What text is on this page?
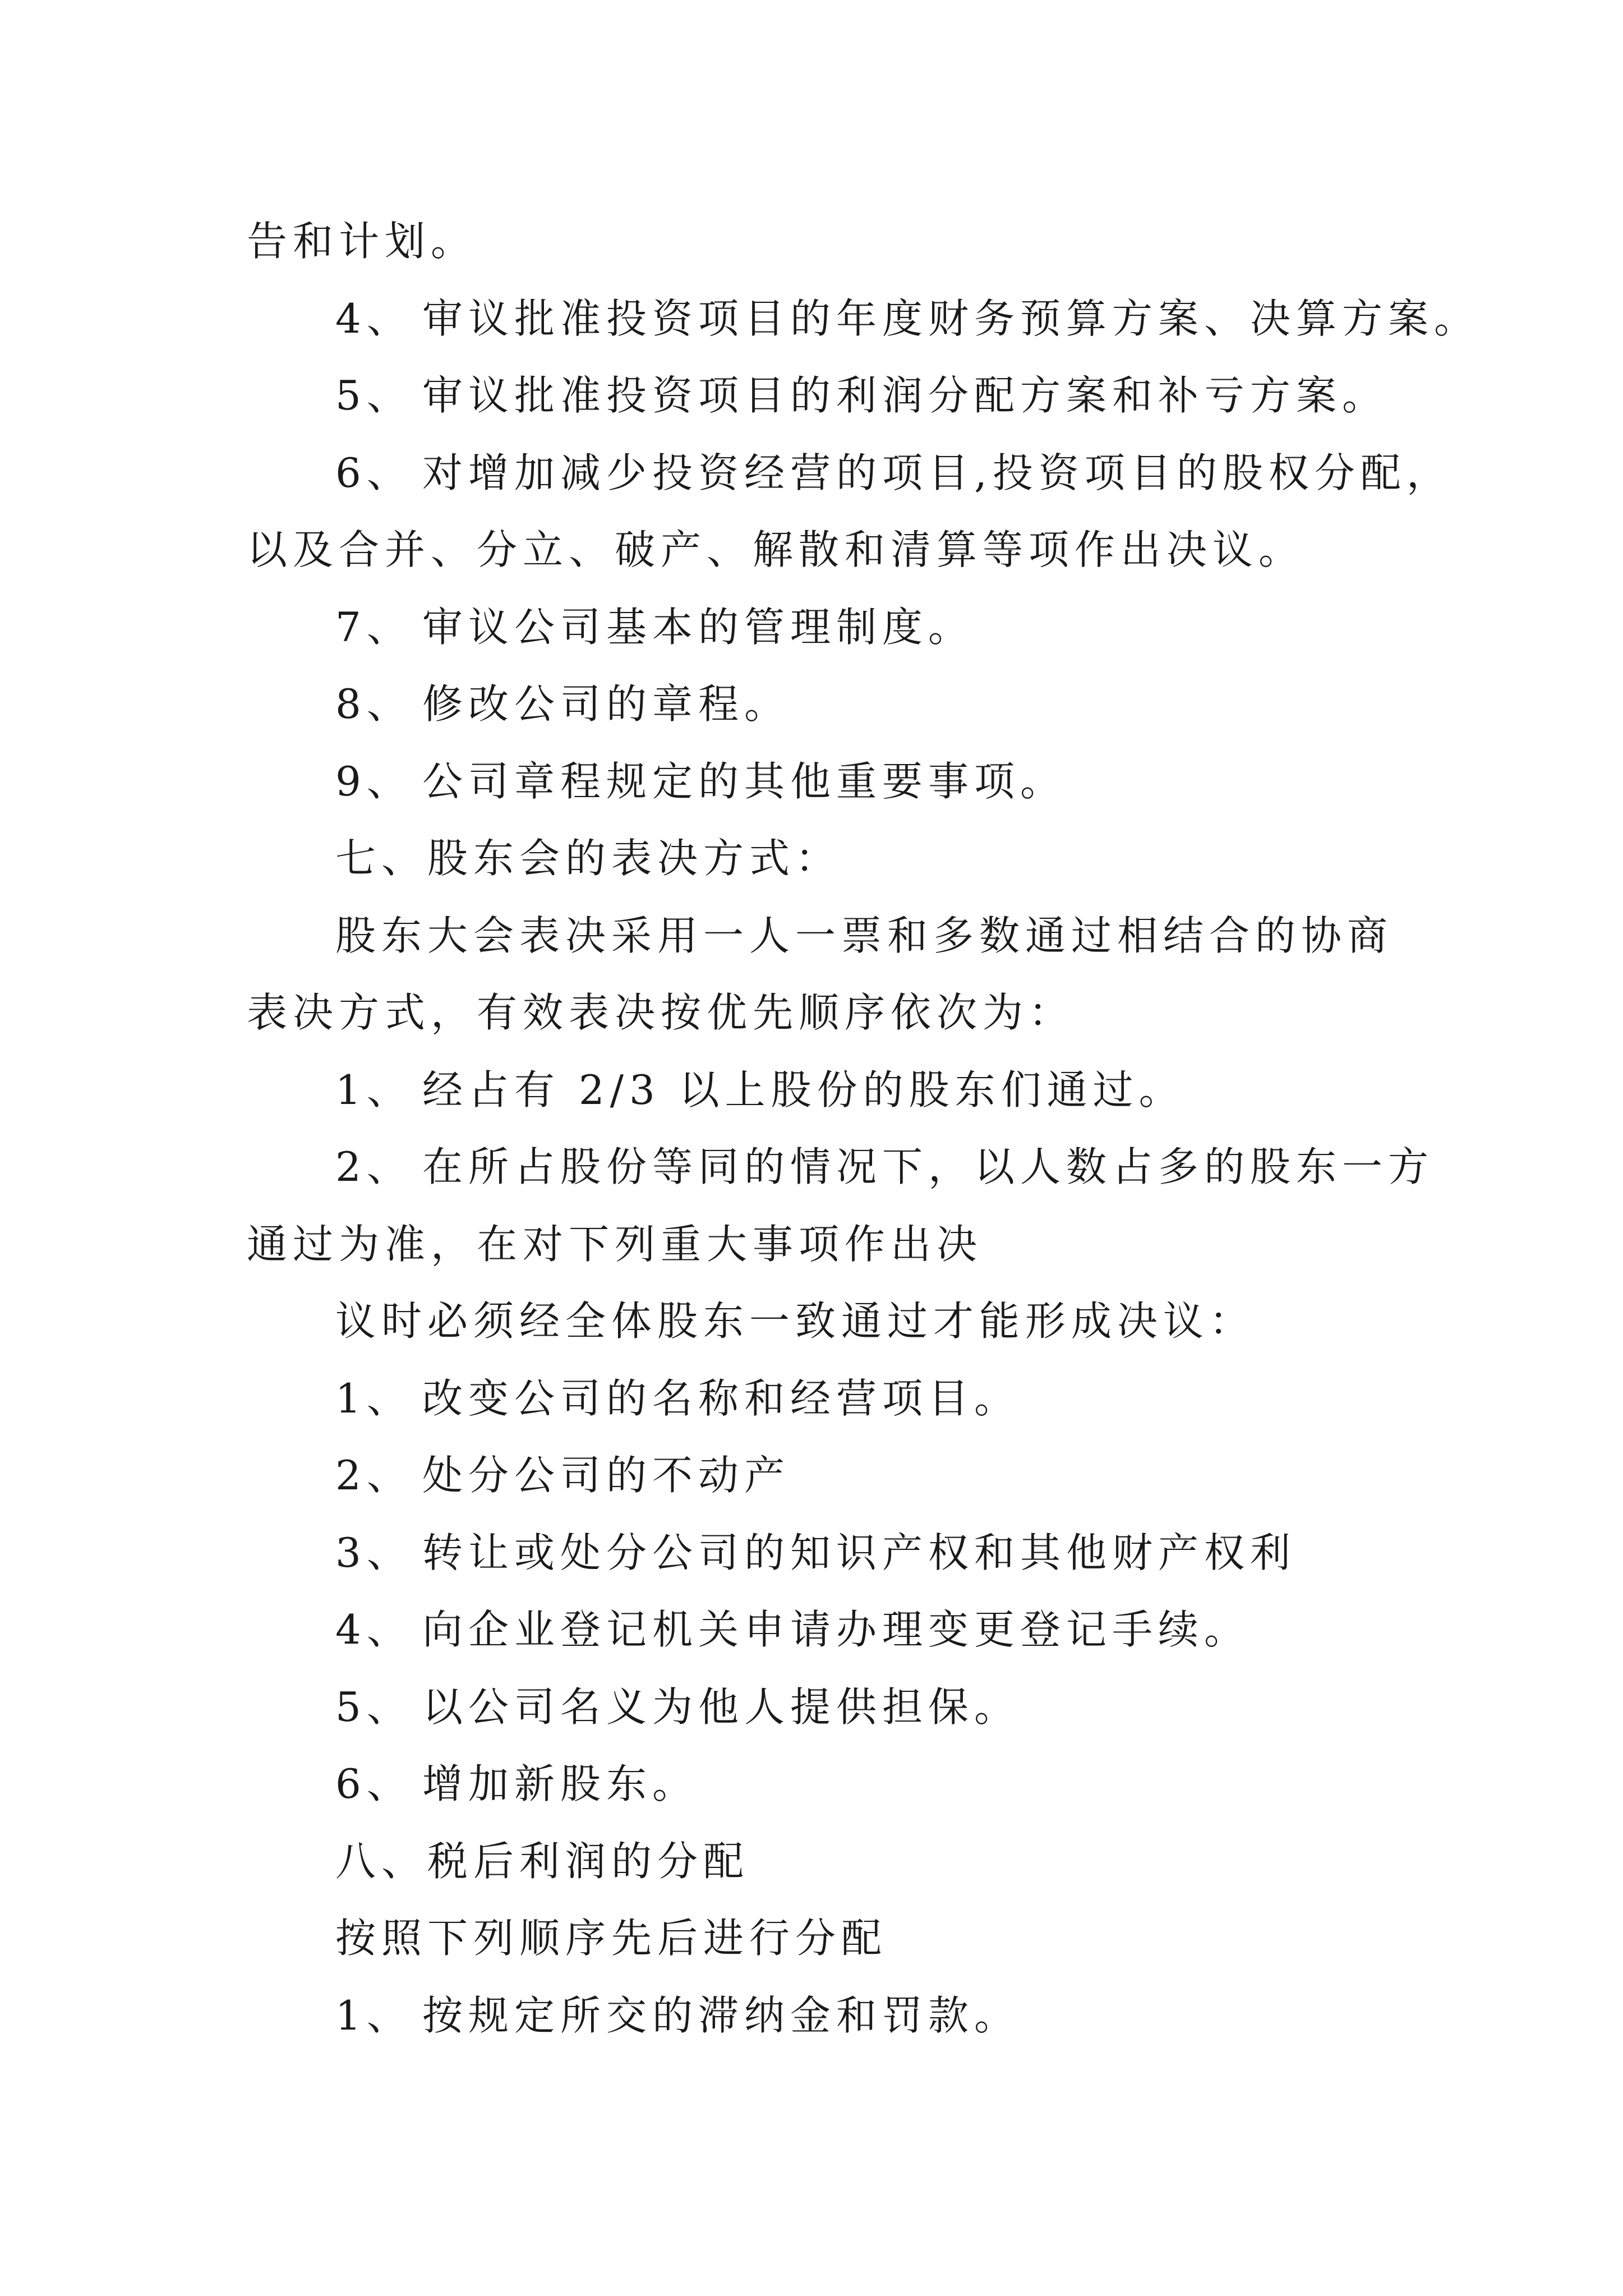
告和计划。
4、 审议批准投资项目的年度财务预算方案、决算方案。
5、 审议批准投资项目的利润分配方案和补亏方案。
6、 对增加减少投资经营的项目,投资项目的股权分配，
以及合并、分立、破产、解散和清算等项作出决议。
7、 审议公司基本的管理制度。
8、 修改公司的章程。
9、 公司章程规定的其他重要事项。
七、股东会的表决方式：
股东大会表决采用一人一票和多数通过相结合的协商
表决方式，有效表决按优先顺序依次为：
1、 经占有 2/3 以上股份的股东们通过。
2、 在所占股份等同的情况下，以人数占多的股东一方
通过为准，在对下列重大事项作出决
议时必须经全体股东一致通过才能形成决议：
1、 改变公司的名称和经营项目。
2、 处分公司的不动产
3、 转让或处分公司的知识产权和其他财产权利
4、 向企业登记机关申请办理变更登记手续。
5、 以公司名义为他人提供担保。
6、 增加新股东。
八、税后利润的分配
按照下列顺序先后进行分配
1、 按规定所交的滞纳金和罚款。
